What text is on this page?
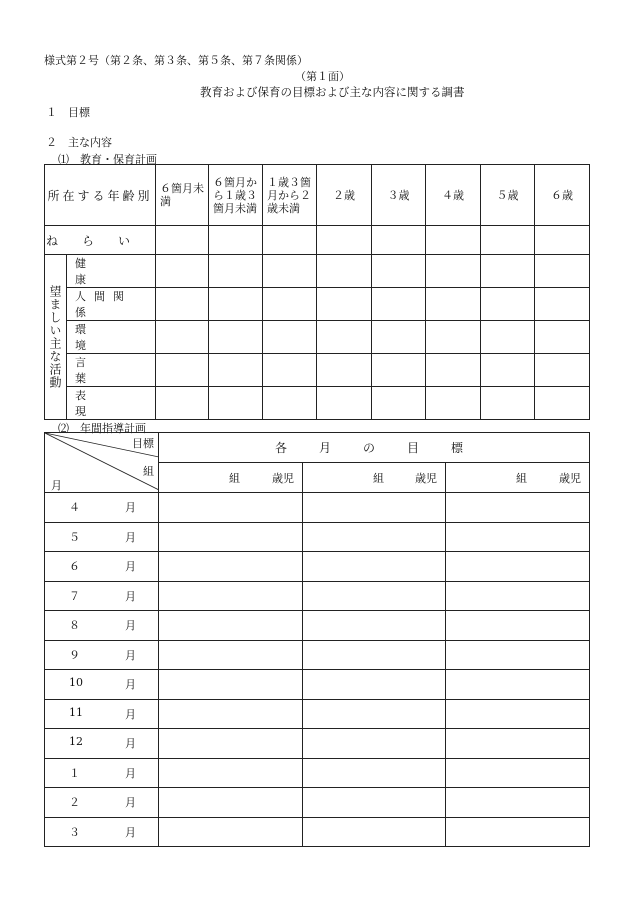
様式第２号（第２条、第３条、第５条、第７条関係）
（第１面）
教育および保育の目標および主な内容に関する調書
１　目標
２　主な内容
⑴　教育・保育計画
所在する年齢別		６箇月未満	６箇月から１歳３箇月未満	１歳３箇月から２歳未満	２歳	３歳	４歳	５歳	６歳
ねらい									

望ましい主な活動	健康								

	人間関係								

	環境								

	言葉								

	表現								

⑵　年間指導計画
目標
組
月	各　月　の　目　標		

	組 歳児	組 歳児	組 歳児

４ 月			

５ 月			

６ 月			

７ 月			

８ 月			

９ 月			

10 月			

11 月			

12 月			

１ 月			

２ 月			

３ 月			
